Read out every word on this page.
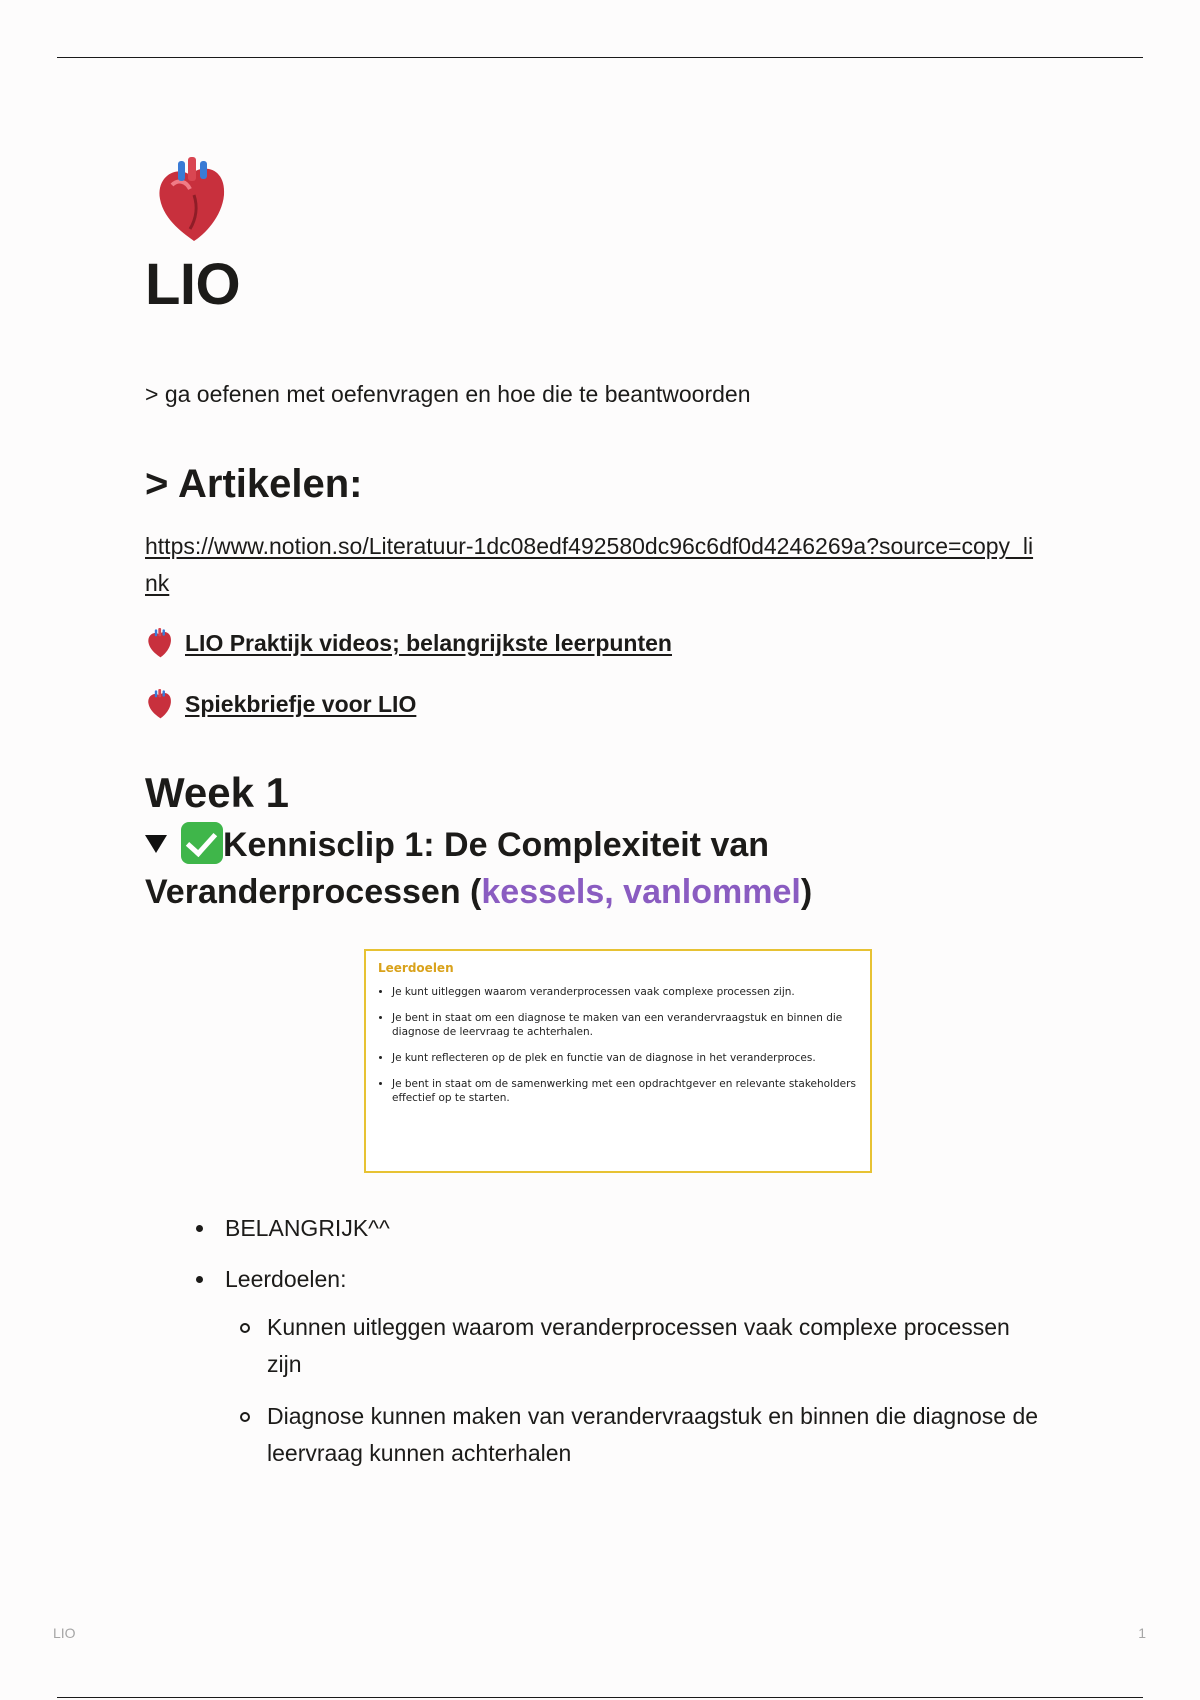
LIO

> ga oefenen met oefenvragen en hoe die te beantwoorden

> Artikelen:
https://www.notion.so/Literatuur-1dc08edf492580dc96c6df0d4246269a?source=copy_link
LIO Praktijk videos; belangrijkste leerpunten
Spiekbriefje voor LIO
Week 1
Kennisclip 1: De Complexiteit van Veranderprocessen (kessels, vanlommel)

Leerdoelen

• Je kunt uitleggen waarom veranderprocessen vaak complexe processen zijn.
• Je bent in staat om een diagnose te maken van een verandervraagstuk en binnen die diagnose de leervraag te achterhalen.
• Je kunt reflecteren op de plek en functie van de diagnose in het veranderproces.
• Je bent in staat om de samenwerking met een opdrachtgever en relevante stakeholders effectief op te starten.
BELANGRIJK^^
Leerdoelen:
Kunnen uitleggen waarom veranderprocessen vaak complexe processen zijn
Diagnose kunnen maken van verandervraagstuk en binnen die diagnose de leervraag kunnen achterhalen
LIO	1
